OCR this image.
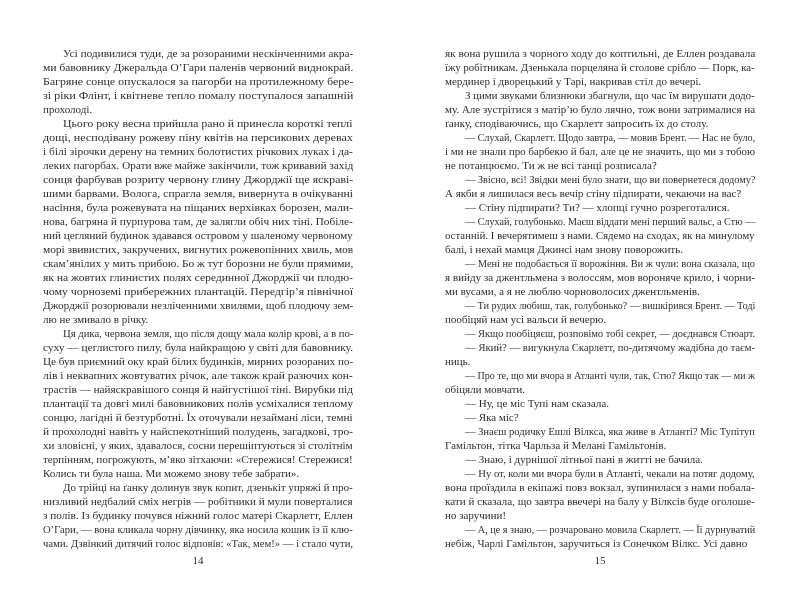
Усі подивилися туди, де за розораними нескінченними акра-
ми бавовнику Джеральда О’Гари паленів червоний виднокрай.
Багряне сонце опускалося за пагорби на протилежному бере-
зі ріки Флінт, і квітневе тепло помалу поступалося запашній
прохолоді.
Цього року весна прийшла рано й принесла короткі теплі
дощі, несподівану рожеву піну квітів на персикових деревах
і білі зірочки дерену на темних болотистих річкових луках і да-
леких пагорбах. Орати вже майже закінчили, тож кривавий захід
сонця фарбував розриту червону глину Джорджії ще яскраві-
шими барвами. Волога, спрагла земля, вивернута в очікуванні
насіння, була рожевувата на піщаних верхівках борозен, мали-
нова, багряна й пурпурова там, де залягли обіч них тіні. Побіле-
ний цегляний будинок здавався островом у шаленому червоному
морі звивистих, закручених, вигнутих рожевопінних хвиль, мов
скам’янілих у мить прибою. Бо ж тут борозни не були прямими,
як на жовтих глинистих полях серединної Джорджії чи плодю-
чому чорноземі прибережних плантацій. Передгір’я північної
Джорджії розорювали незліченними хвилями, щоб плодючу зем-
лю не змивало в річку.
Ця дика, червона земля, що після дощу мала колір крові, а в по-
суху — цеглистого пилу, була найкращою у світі для бавовнику.
Це був приємний оку край білих будинків, мирних розораних по-
лів і неквапних жовтуватих річок, але також край разючих кон-
трастів — найяскравішого сонця й найгустішої тіні. Вирубки під
плантації та довгі милі бавовникових полів усміхалися теплому
сонцю, лагідні й безтурботні. Їх оточували незаймані ліси, темні
й прохолодні навіть у найспекотніший полудень, загадкові, тро-
хи зловісні, у яких, здавалося, сосни перешіптуються зі столітнім
терпінням, погрожують, м’яко зітхаючи: «Стережися! Стережися!
Колись ти була наша. Ми можемо знову тебе забрати».
До трійці на ґанку долинув звук копит, дзенькіт упряжі й про-
низливий недбалий сміх негрів — робітники й мули поверталися
з полів. Із будинку почувся ніжний голос матері Скарлетт, Еллен
О’Гари, — вона кликала чорну дівчинку, яка носила кошик із її клю-
чами. Дзвінкий дитячий голос відповів: «Так, мем!» — і стало чути,
14
як вона рушила з чорного ходу до коптильні, де Еллен роздавала
їжу робітникам. Дзенькала порцеляна й столове срібло — Порк, ка-
мердинер і дворецький у Тарі, накривав стіл до вечері.
З цими звуками близнюки збагнули, що час їм вирушати додо-
му. Але зустрітися з матір’ю було лячно, тож вони затрималися на
ґанку, сподіваючись, що Скарлетт запросить їх до столу.
— Слухай, Скарлетт. Щодо завтра, — мовив Брент. — Нас не було,
і ми не знали про барбекю й бал, але це не значить, що ми з тобою
не потанцюємо. Ти ж не всі танці розписала?
— Звісно, всі! Звідки мені було знати, що ви повернетеся додому?
А якби я лишилася весь вечір стіну підпирати, чекаючи на вас?
— Стіну підпирати? Ти? — хлопці гучно розреготалися.
— Слухай, голубонько. Маєш віддати мені перший вальс, а Стю —
останній. І вечерятимеш з нами. Сядемо на сходах, як на минулому
балі, і нехай мамця Джинсі нам знову поворожить.
— Мені не подобається її ворожіння. Ви ж чули: вона сказала, що
я вийду за джентльмена з волоссям, мов вороняче крило, і чорни-
ми вусами, а я не люблю чорноволосих джентльменів.
— Ти рудих любиш, так, голубонько? — вишкірився Брент. — Тоді
пообіцяй нам усі вальси й вечерю.
— Якщо пообіцяєш, розповімо тобі секрет, — доєднався Стюарт.
— Який? — вигукнула Скарлетт, по-дитячому жадібна до таєм-
ниць.
— Про те, що ми вчора в Атланті чули, так, Стю? Якщо так — ми ж
обіцяли мовчати.
— Ну, це міс Тупі нам сказала.
— Яка міс?
— Знаєш родичку Ешлі Вілкса, яка живе в Атланті? Міс Тупітуп
Гамільтон, тітка Чарльза й Мелані Гамільтонів.
— Знаю, і дурнішої літньої пані в житті не бачила.
— Ну от, коли ми вчора були в Атланті, чекали на потяг додому,
вона проїздила в екіпажі повз вокзал, зупинилася з нами побала-
кати й сказала, що завтра ввечері на балу у Вілксів буде оголоше-
но заручини!
— А, це я знаю, — розчаровано мовила Скарлетт. — Її дурнуватий
небіж, Чарлі Гамільтон, заручиться із Сонечком Вілкс. Усі давно
15
